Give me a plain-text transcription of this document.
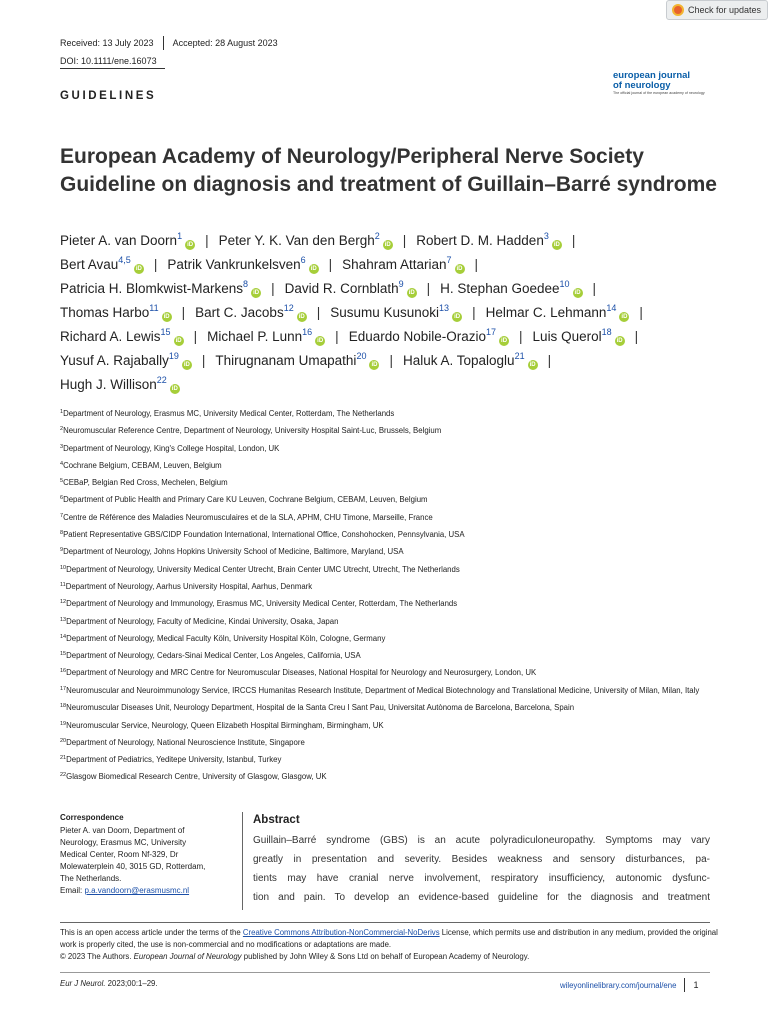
Check for updates
Received: 13 July 2023 Accepted: 28 August 2023
DOI: 10.1111/ene.16073
european journal
of neurology
The official journal of the european academy of neurology
GUIDELINES
European Academy of Neurology/Peripheral Nerve Society
Guideline on diagnosis and treatment of Guillain–Barré syndrome
Pieter A. van Doorn$^1$iD | Peter Y. K. Van den Bergh$^2$iD | Robert D. M. Hadden$^3$iD |
Bert Avau$^{4,5}$iD | Patrik Vankrunkelsven$^6$iD | Shahram Attarian$^7$iD |
Patricia H. Blomkwist-Markens$^8$iD | David R. Cornblath$^9$iD | H. Stephan Goedee$^{10}$iD |
Thomas Harbo$^{11}$iD | Bart C. Jacobs$^{12}$iD | Susumu Kusunoki$^{13}$iD | Helmar C. Lehmann$^{14}$iD |
Richard A. Lewis$^{15}$iD | Michael P. Lunn$^{16}$iD | Eduardo Nobile-Orazio$^{17}$iD | Luis Querol$^{18}$iD |
Yusuf A. Rajabally$^{19}$iD | Thirugnanam Umapathi$^{20}$iD | Haluk A. Topaloglu$^{21}$iD |
Hugh J. Willison$^{22}$iD
$^1$Department of Neurology, Erasmus MC, University Medical Center, Rotterdam, The Netherlands
$^2$Neuromuscular Reference Centre, Department of Neurology, University Hospital Saint-Luc, Brussels, Belgium
$^3$Department of Neurology, King's College Hospital, London, UK
$^4$Cochrane Belgium, CEBAM, Leuven, Belgium
$^5$CEBaP, Belgian Red Cross, Mechelen, Belgium
$^6$Department of Public Health and Primary Care KU Leuven, Cochrane Belgium, CEBAM, Leuven, Belgium
$^7$Centre de Référence des Maladies Neuromusculaires et de la SLA, APHM, CHU Timone, Marseille, France
$^8$Patient Representative GBS/CIDP Foundation International, International Office, Conshohocken, Pennsylvania, USA
$^9$Department of Neurology, Johns Hopkins University School of Medicine, Baltimore, Maryland, USA
$^{10}$Department of Neurology, University Medical Center Utrecht, Brain Center UMC Utrecht, Utrecht, The Netherlands
$^{11}$Department of Neurology, Aarhus University Hospital, Aarhus, Denmark
$^{12}$Department of Neurology and Immunology, Erasmus MC, University Medical Center, Rotterdam, The Netherlands
$^{13}$Department of Neurology, Faculty of Medicine, Kindai University, Osaka, Japan
$^{14}$Department of Neurology, Medical Faculty Köln, University Hospital Köln, Cologne, Germany
$^{15}$Department of Neurology, Cedars-Sinai Medical Center, Los Angeles, California, USA
$^{16}$Department of Neurology and MRC Centre for Neuromuscular Diseases, National Hospital for Neurology and Neurosurgery, London, UK
$^{17}$Neuromuscular and Neuroimmunology Service, IRCCS Humanitas Research Institute, Department of Medical Biotechnology and Translational Medicine, University of Milan, Milan, Italy
$^{18}$Neuromuscular Diseases Unit, Neurology Department, Hospital de la Santa Creu I Sant Pau, Universitat Autònoma de Barcelona, Barcelona, Spain
$^{19}$Neuromuscular Service, Neurology, Queen Elizabeth Hospital Birmingham, Birmingham, UK
$^{20}$Department of Neurology, National Neuroscience Institute, Singapore
$^{21}$Department of Pediatrics, Yeditepe University, Istanbul, Turkey
$^{22}$Glasgow Biomedical Research Centre, University of Glasgow, Glasgow, UK
Correspondence
Pieter A. van Doorn, Department of
Neurology, Erasmus MC, University
Medical Center, Room Nf-329, Dr
Molewaterplein 40, 3015 GD, Rotterdam,
The Netherlands.
Email: p.a.vandoorn@erasmusmc.nl
Abstract
Guillain–Barré syndrome (GBS) is an acute polyradiculoneuropathy. Symptoms may vary
greatly in presentation and severity. Besides weakness and sensory disturbances, pa-
tients may have cranial nerve involvement, respiratory insufficiency, autonomic dysfunc-
tion and pain. To develop an evidence-based guideline for the diagnosis and treatment
This is an open access article under the terms of the Creative Commons Attribution-NonCommercial-NoDerivs License, which permits use and distribution in any medium, provided the original work is properly cited, the use is non-commercial and no modifications or adaptations are made.
© 2023 The Authors. European Journal of Neurology published by John Wiley & Sons Ltd on behalf of European Academy of Neurology.
Eur J Neurol. 2023;00:1–29.	wileyonlinelibrary.com/journal/ene 1
